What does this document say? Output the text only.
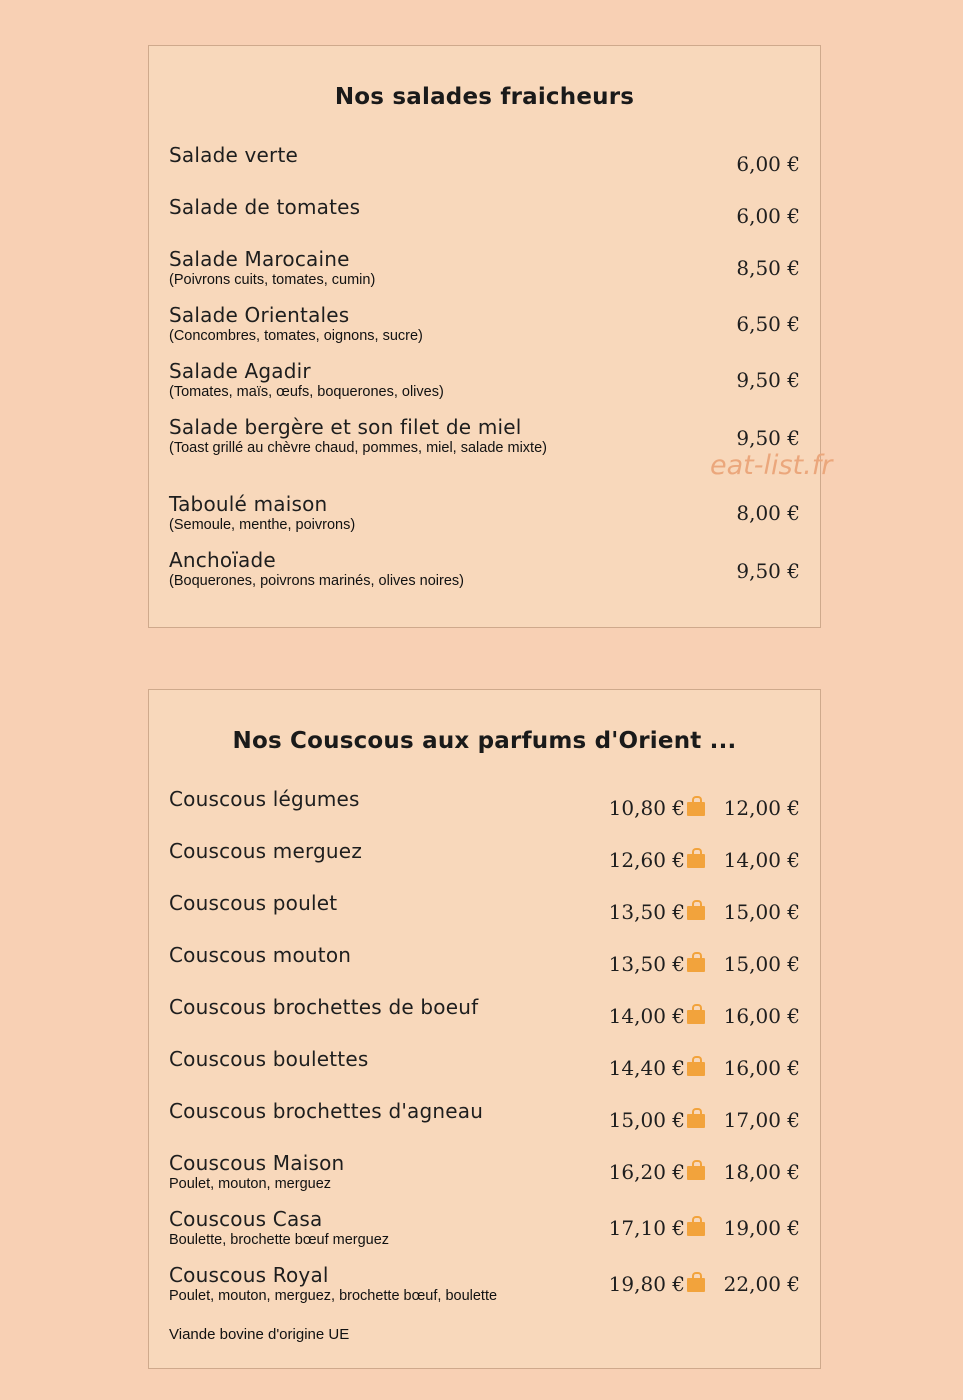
Nos salades fraicheurs
Salade verte	6,00 €
Salade de tomates	6,00 €
Salade Marocaine
(Poivrons cuits, tomates, cumin)	8,50 €
Salade Orientales
(Concombres, tomates, oignons, sucre)	6,50 €
Salade Agadir
(Tomates, maïs, œufs, boquerones, olives)	9,50 €
Salade bergère et son filet de miel
(Toast grillé au chèvre chaud, pommes, miel, salade mixte)	9,50 €
Taboulé maison
(Semoule, menthe, poivrons)	8,00 €
Anchoïade
(Boquerones, poivrons marinés, olives noires)	9,50 €
eat-list.fr
Nos Couscous aux parfums d'Orient ...
Couscous légumes	10,80 €	12,00 €
Couscous merguez	12,60 €	14,00 €
Couscous poulet	13,50 €	15,00 €
Couscous mouton	13,50 €	15,00 €
Couscous brochettes de boeuf	14,00 €	16,00 €
Couscous boulettes	14,40 €	16,00 €
Couscous brochettes d'agneau	15,00 €	17,00 €
Couscous Maison
Poulet, mouton, merguez	16,20 €	18,00 €
Couscous Casa
Boulette, brochette bœuf merguez	17,10 €	19,00 €
Couscous Royal
Poulet, mouton, merguez, brochette bœuf, boulette	19,80 €	22,00 €
Viande bovine d'origine UE
